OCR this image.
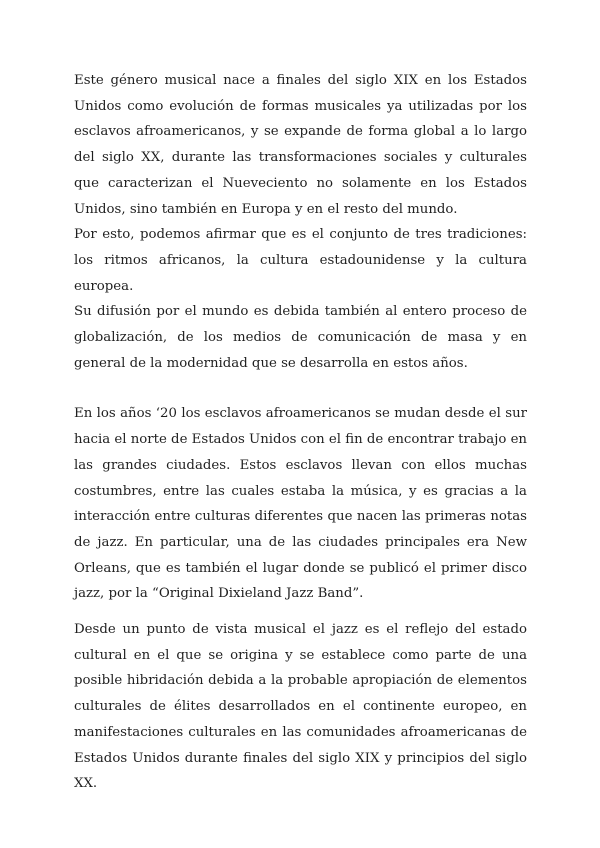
Este género musical nace a finales del siglo XIX en los Estados Unidos como evolución de formas musicales ya utilizadas por los esclavos afroamericanos, y se expande de forma global a lo largo del siglo XX, durante las transformaciones sociales y culturales que caracterizan el Nueveciento no solamente en los Estados Unidos, sino también en Europa y en el resto del mundo.

Por esto, podemos afirmar que es el conjunto de tres tradiciones: los ritmos africanos, la cultura estadounidense y la cultura europea.

Su difusión por el mundo es debida también al entero proceso de globalización, de los medios de comunicación de masa y en general de la modernidad que se desarrolla en estos años.

En los años ‘20 los esclavos afroamericanos se mudan desde el sur hacia el norte de Estados Unidos con el fin de encontrar trabajo en las grandes ciudades. Estos esclavos llevan con ellos muchas costumbres, entre las cuales estaba la música, y es gracias a la interacción entre culturas diferentes que nacen las primeras notas de jazz. En particular, una de las ciudades principales era New Orleans, que es también el lugar donde se publicó el primer disco jazz, por la “Original Dixieland Jazz Band”.

Desde un punto de vista musical el jazz es el reflejo del estado cultural en el que se origina y se establece como parte de una posible hibridación debida a la probable apropiación de elementos culturales de élites desarrollados en el continente europeo, en manifestaciones culturales en las comunidades afroamericanas de Estados Unidos durante finales del siglo XIX y principios del siglo XX.
